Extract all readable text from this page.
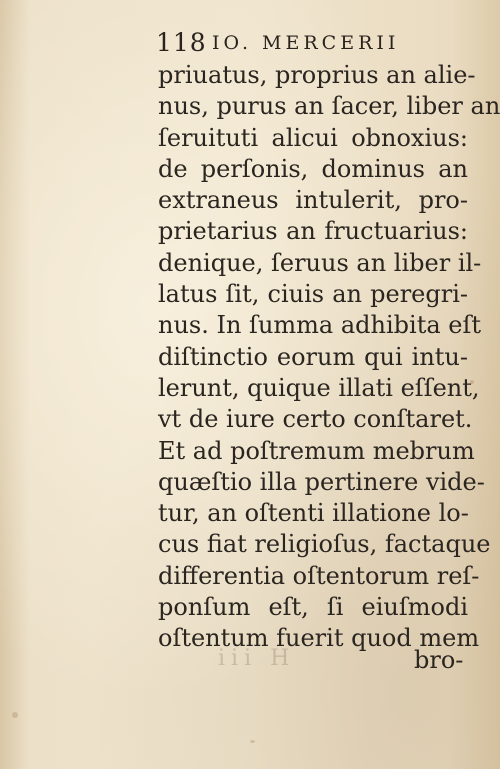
118 IO. MERCERII
priuatus, proprius an alie-
nus, purus an ſacer, liber an
ſeruituti alicui obnoxius:
de perſonis, dominus an
extraneus intulerit, pro-
prietarius an fructuarius:
denique, ſeruus an liber il-
latus ſit, ciuis an peregri-
nus. In ſumma adhibita eſt
diſtinctio eorum qui intu-
lerunt, quique illati eſſent,
vt de iure certo conſtaret.
Et ad poſtremum mebrum
quæſtio illa pertinere vide-
tur, an oſtenti illatione lo-
cus fiat religioſus, factaque
differentia oſtentorum reſ-
ponſum eſt, ſi eiuſmodi
oſtentum fuerit quod mem
iii H	bro-
